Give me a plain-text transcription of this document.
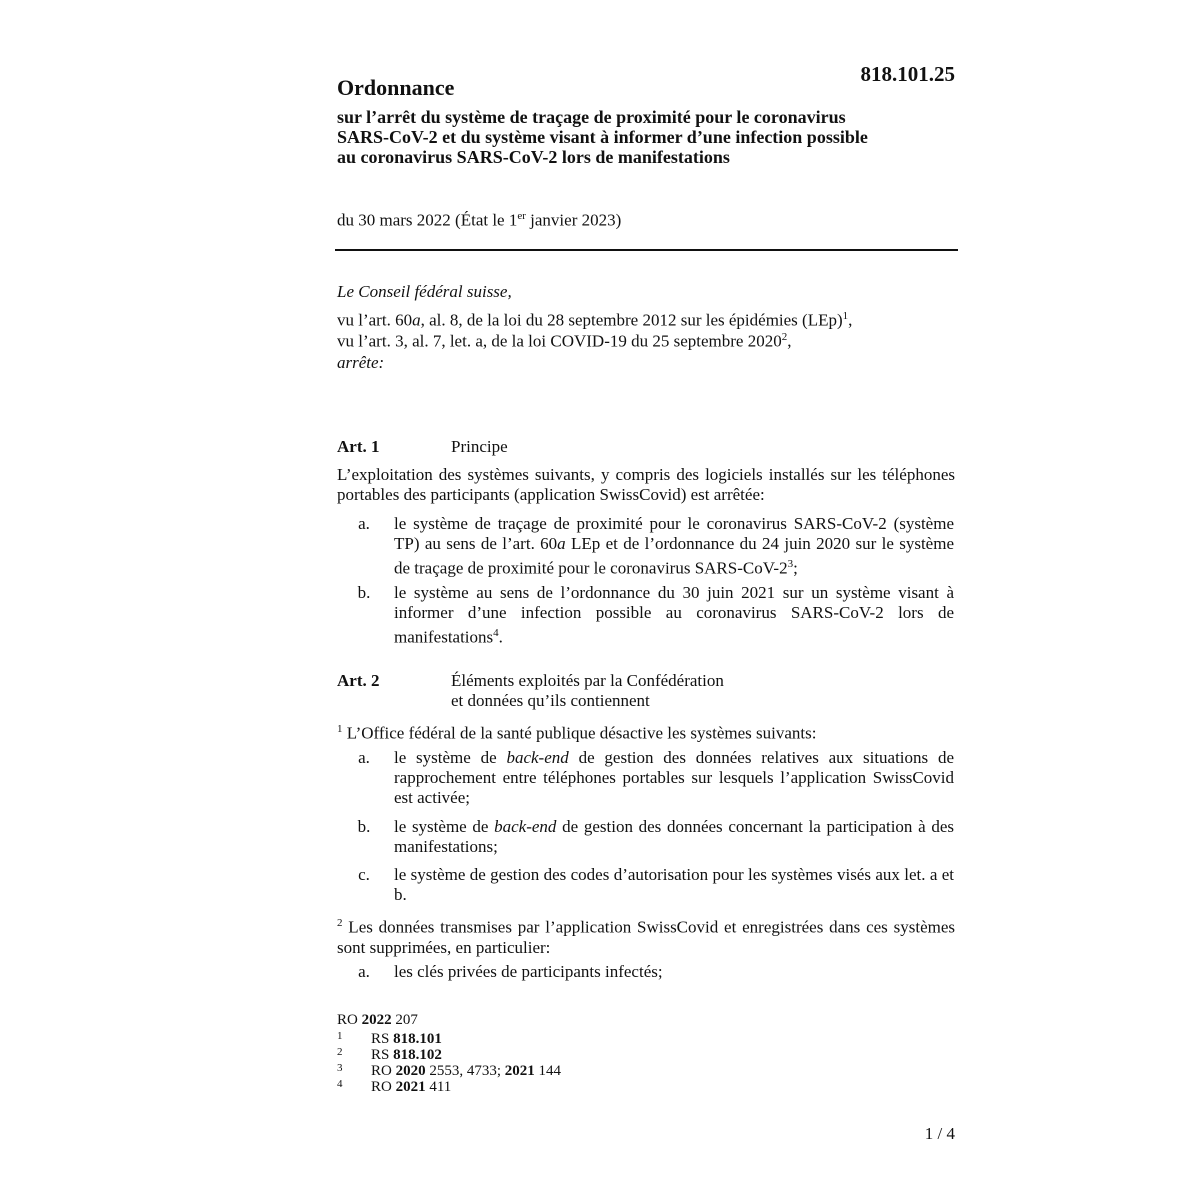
818.101.25
Ordonnance
sur l’arrêt du système de traçage de proximité pour le coronavirus
SARS-CoV-2 et du système visant à informer d’une infection possible
au coronavirus SARS-CoV-2 lors de manifestations
du 30 mars 2022 (État le 1er janvier 2023)
Le Conseil fédéral suisse,
vu l’art. 60a, al. 8, de la loi du 28 septembre 2012 sur les épidémies (LEp)$^1$,
vu l’art. 3, al. 7, let. a, de la loi COVID-19 du 25 septembre 2020$^2$,
arrête:
Art. 1	Principe
L’exploitation des systèmes suivants, y compris des logiciels installés sur les téléphones portables des participants (application SwissCovid) est arrêtée:
a.	le système de traçage de proximité pour le coronavirus SARS-CoV-2 (système TP) au sens de l’art. 60a LEp et de l’ordonnance du 24 juin 2020 sur le système de traçage de proximité pour le coronavirus SARS-$CoV-2^3$;
b.	le système au sens de l’ordonnance du 30 juin 2021 sur un système visant à informer d’une infection possible au coronavirus SARS-CoV-2 lors de manifestations$^4$.
Art. 2	Éléments exploités par la Confédération
et données qu’ils contiennent
$^1$ L’Office fédéral de la santé publique désactive les systèmes suivants:
a.	le système de back-end de gestion des données relatives aux situations de rapprochement entre téléphones portables sur lesquels l’application SwissCovid est activée;
b.	le système de back-end de gestion des données concernant la participation à des manifestations;
c.	le système de gestion des codes d’autorisation pour les systèmes visés aux let. a et b.
$^2$ Les données transmises par l’application SwissCovid et enregistrées dans ces systèmes sont supprimées, en particulier:
a.	les clés privées de participants infectés;
RO 2022 207
1 RS 818.101
2 RS 818.102
3 RO 2020 2553, 4733; 2021 144
4 RO 2021 411
1 / 4
